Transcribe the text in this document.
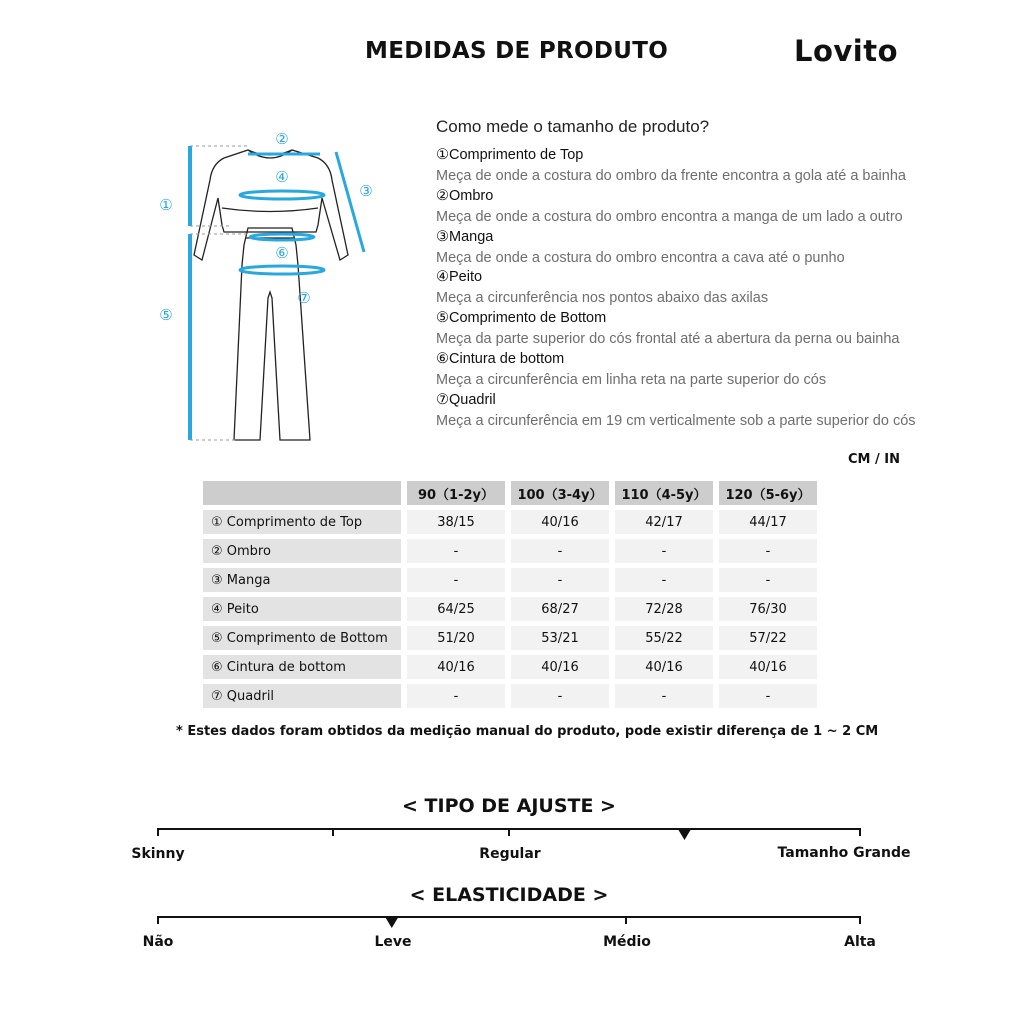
MEDIDAS DE PRODUTO	Lovito
①
②
③
④
⑤
⑥
⑦
Como mede o tamanho de produto?
①Comprimento de Top
Meça de onde a costura do ombro da frente encontra a gola até a bainha
②Ombro
Meça de onde a costura do ombro encontra a manga de um lado a outro
③Manga
Meça de onde a costura do ombro encontra a cava até o punho
④Peito
Meça a circunferência nos pontos abaixo das axilas
⑤Comprimento de Bottom
Meça da parte superior do cós frontal até a abertura da perna ou bainha
⑥Cintura de bottom
Meça a circunferência em linha reta na parte superior do cós
⑦Quadril
Meça a circunferência em 19 cm verticalmente sob a parte superior do cós
CM / IN
		90（1-2y）		100（3-4y）		110（4-5y）		120（5-6y）
① Comprimento de Top		38/15		40/16		42/17		44/17
② Ombro		-		-		-		-
③ Manga		-		-		-		-
④ Peito		64/25		68/27		72/28		76/30
⑤ Comprimento de Bottom		51/20		53/21		55/22		57/22
⑥ Cintura de bottom		40/16		40/16		40/16		40/16
⑦ Quadril		-		-		-		-
* Estes dados foram obtidos da medição manual do produto, pode existir diferença de 1 ~ 2 CM
< TIPO DE AJUSTE >
Skinny	Regular	Tamanho Grande
< ELASTICIDADE >
Não	Leve	Médio	Alta
